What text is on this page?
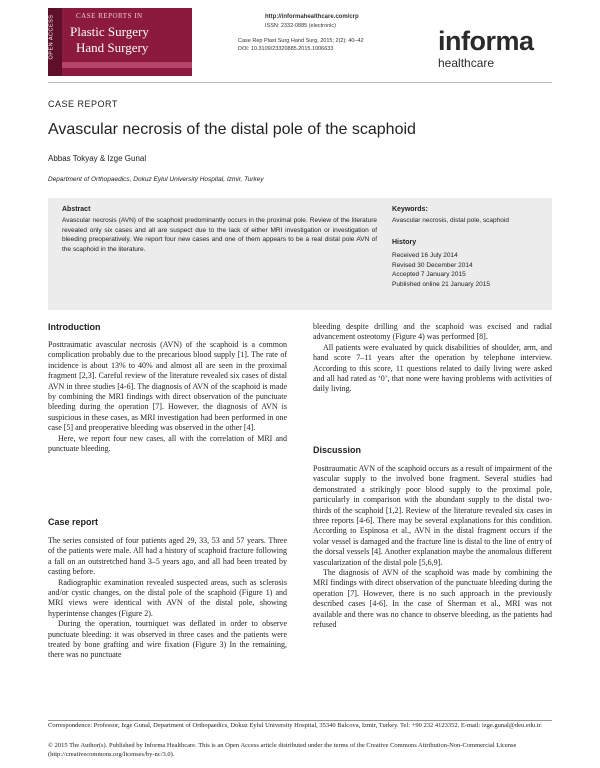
OPEN ACCESS	CASE REPORTS IN
Plastic Surgery
Hand Surgery
http://informahealthcare.com/crp
ISSN: 2332-0885 (electronic)
Case Rep Plast Surg Hand Surg, 2015; 2(2): 40–42
DOI: 10.3109/23320885.2015.1006633	informa
healthcare
CASE REPORT
Avascular necrosis of the distal pole of the scaphoid
Abbas Tokyay & Izge Gunal
Department of Orthopaedics, Dokuz Eylul University Hospital, Izmir, Turkey
Abstract
Avascular necrosis (AVN) of the scaphoid predominantly occurs in the proximal pole. Review of the literature revealed only six cases and all are suspect due to the lack of either MRI investigation or investigation of bleeding preoperatively. We report four new cases and one of them appears to be a real distal pole AVN of the scaphoid in the literature.
Keywords:
Avascular necrosis, distal pole, scaphoid
History
Received 16 July 2014
Revised 30 December 2014
Accepted 7 January 2015
Published online 21 January 2015
Introduction

Posttraumatic avascular necrosis (AVN) of the scaphoid is a common complication probably due to the precarious blood supply [1]. The rate of incidence is about 13% to 40% and almost all are seen in the proximal fragment [2,3]. Careful review of the literature revealed six cases of distal AVN in three studies [4-6]. The diagnosis of AVN of the scaphoid is made by combining the MRI findings with direct observation of the punctuate bleeding during the operation [7]. However, the diagnosis of AVN is suspicious in these cases, as MRI investigation had been performed in one case [5] and preoperative bleeding was observed in the other [4].

Here, we report four new cases, all with the correlation of MRI and punctuate bleeding.

Case report

The series consisted of four patients aged 29, 33, 53 and 57 years. Three of the patients were male. All had a history of scaphoid fracture following a fall on an outstretched hand 3–5 years ago, and all had been treated by casting before.

Radiographic examination revealed suspected areas, such as sclerosis and/or cystic changes, on the distal pole of the scaphoid (Figure 1) and MRI views were identical with AVN of the distal pole, showing hyperintense changes (Figure 2).

During the operation, tourniquet was deflated in order to observe punctuate bleeding: it was observed in three cases and the patients were treated by bone grafting and wire fixation (Figure 3) In the remaining, there was no punctuate

bleeding despite drilling and the scaphoid was excised and radial advancement osteotomy (Figure 4) was performed [8].

All patients were evaluated by quick disabilities of shoulder, arm, and hand score 7–11 years after the operation by telephone interview. According to this score, 11 questions related to daily living were asked and all had rated as ‘0’, that none were having problems with activities of daily living.

Discussion

Posttraumatic AVN of the scaphoid occurs as a result of impairment of the vascular supply to the involved bone fragment. Several studies had demonstrated a strikingly poor blood supply to the proximal pole, particularly in comparison with the abundant supply to the distal two-thirds of the scaphoid [1,2]. Review of the literature revealed six cases in three reports [4-6]. There may be several explanations for this condition. According to Espinosa et al., AVN in the distal fragment occurs if the volar vessel is damaged and the fracture line is distal to the line of entry of the dorsal vessels [4]. Another explanation maybe the anomalous different vascularization of the distal pole [5,6,9].

The diagnosis of AVN of the scaphoid was made by combining the MRI findings with direct observation of the punctuate bleeding during the operation [7]. However, there is no such approach in the previously described cases [4-6]. In the case of Sherman et al., MRI was not available and there was no chance to observe bleeding, as the patients had refused

Correspondence: Professor, Izge Gunal, Department of Orthopaedics, Dokuz Eylul University Hospital, 35340 Balcova, Izmir, Turkey. Tel: +90 232 4123352. E-mail: izge.gunal@deu.edu.tr.
© 2015 The Author(s). Published by Informa Healthcare. This is an Open Access article distributed under the terms of the Creative Commons Attribution-Non-Commercial License (http://creativecommons.org/licenses/by-nc/3.0).
